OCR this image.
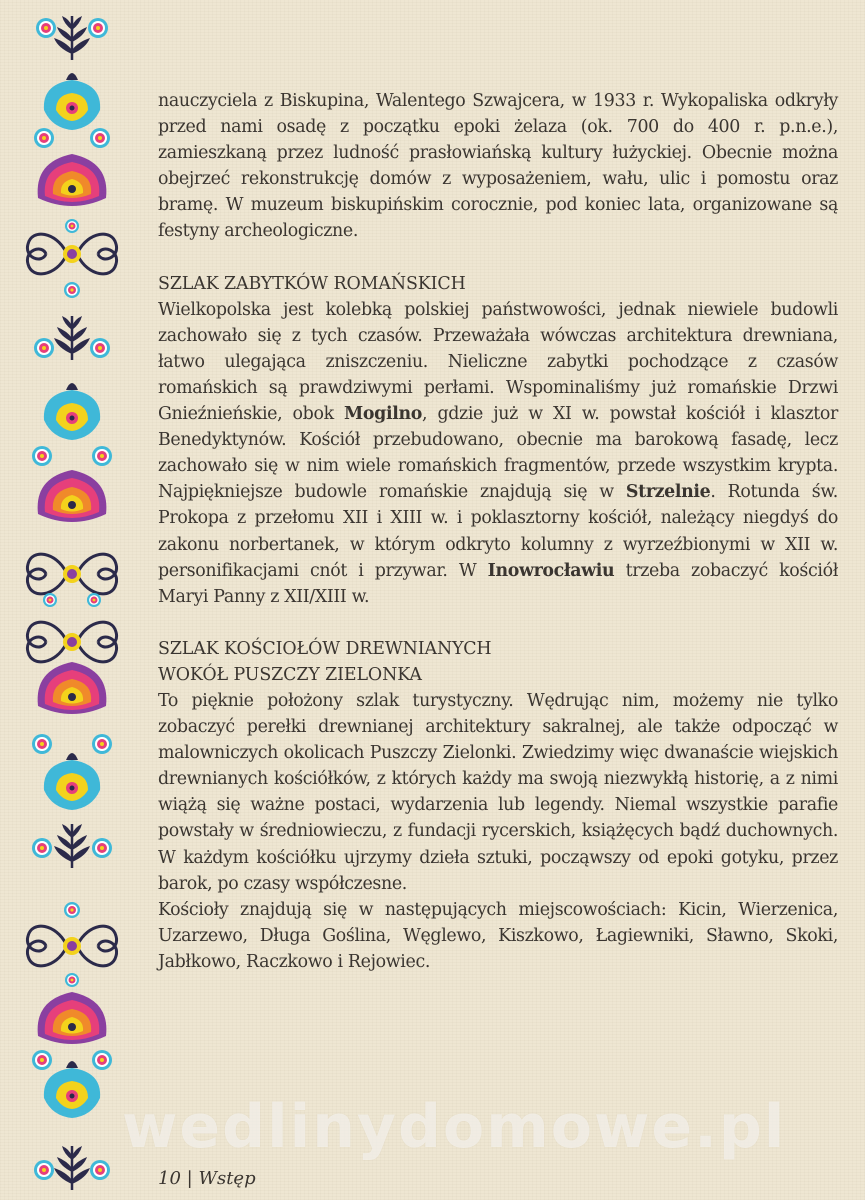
nauczyciela z Biskupina, Walentego Szwajcera, w 1933 r. Wykopaliska odkryły przed nami osadę z początku epoki żelaza (ok. 700 do 400 r. p.n.e.), zamieszkaną przez ludność prasłowiańską kultury łużyckiej. Obecnie można obejrzeć rekonstrukcję domów z wyposażeniem, wału, ulic i pomostu oraz bramę. W muzeum biskupińskim corocznie, pod koniec lata, organizowane są festyny archeologiczne.

SZLAK ZABYTKÓW ROMAŃSKICH

Wielkopolska jest kolebką polskiej państwowości, jednak niewiele budowli zachowało się z tych czasów. Przeważała wówczas architektura drewniana, łatwo ulegająca zniszczeniu. Nieliczne zabytki pochodzące z czasów romańskich są prawdziwymi perłami. Wspominaliśmy już romańskie Drzwi Gnieźnieńskie, obok Mogilno, gdzie już w XI w. powstał kościół i klasztor Benedyktynów. Kościół przebudowano, obecnie ma barokową fasadę, lecz zachowało się w nim wiele romańskich fragmentów, przede wszystkim krypta. Najpiękniejsze budowle romańskie znajdują się w Strzelnie. Rotunda św. Prokopa z przełomu XII i XIII w. i poklasztorny kościół, należący niegdyś do zakonu norbertanek, w którym odkryto kolumny z wyrzeźbionymi w XII w. personifikacjami cnót i przywar. W Inowrocławiu trzeba zobaczyć kościół Maryi Panny z XII/XIII w.

SZLAK KOŚCIOŁÓW DREWNIANYCH

WOKÓŁ PUSZCZY ZIELONKA

To pięknie położony szlak turystyczny. Wędrując nim, możemy nie tylko zobaczyć perełki drewnianej architektury sakralnej, ale także odpocząć w malowniczych okolicach Puszczy Zielonki. Zwiedzimy więc dwanaście wiejskich drewnianych kościółków, z których każdy ma swoją niezwykłą historię, a z nimi wiążą się ważne postaci, wydarzenia lub legendy. Niemal wszystkie parafie powstały w średniowieczu, z fundacji rycerskich, książęcych bądź duchownych. W każdym kościółku ujrzymy dzieła sztuki, począwszy od epoki gotyku, przez barok, po czasy współczesne.

Kościoły znajdują się w następujących miejscowościach: Kicin, Wierzenica, Uzarzewo, Długa Goślina, Węglewo, Kiszkowo, Łagiewniki, Sławno, Skoki, Jabłkowo, Raczkowo i Rejowiec.

wedlinydomowe.pl
10 | Wstęp
